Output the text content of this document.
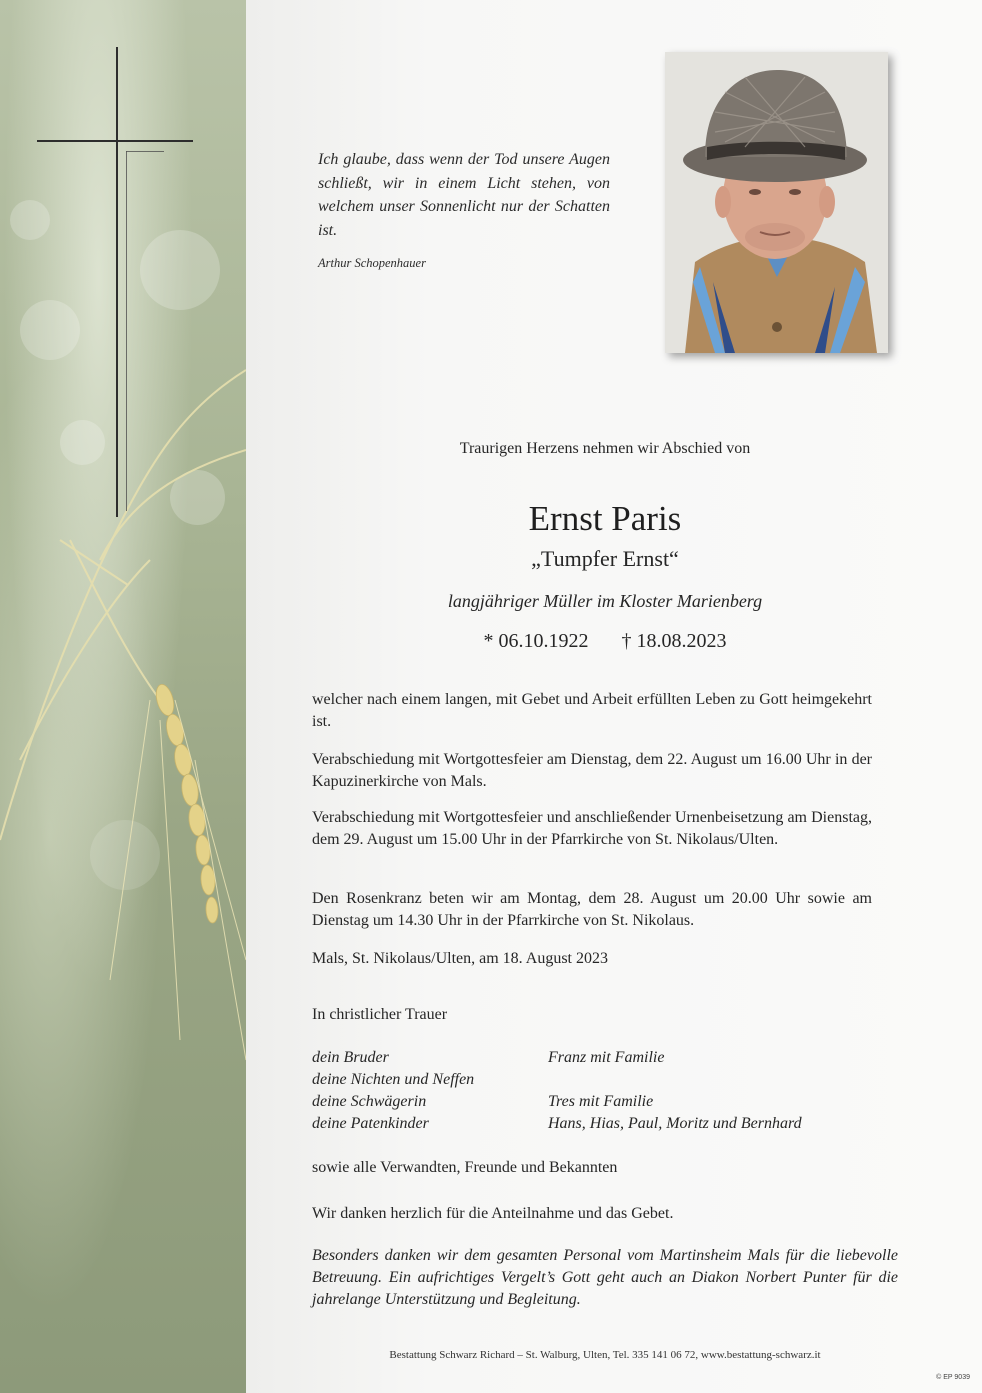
Ich glaube, dass wenn der Tod unsere Augen schließt, wir in einem Licht stehen, von welchem unser Sonnenlicht nur der Schatten ist.
Arthur Schopenhauer
Traurigen Herzens nehmen wir Abschied von
Ernst Paris
„Tumpfer Ernst“
langjähriger Müller im Kloster Marienberg
* 06.10.1922 † 18.08.2023
welcher nach einem langen, mit Gebet und Arbeit erfüllten Leben zu Gott heimgekehrt ist.
Verabschiedung mit Wortgottesfeier am Dienstag, dem 22. August um 16.00 Uhr in der Kapuzinerkirche von Mals.
Verabschiedung mit Wortgottesfeier und anschließender Urnenbeisetzung am Dienstag, dem 29. August um 15.00 Uhr in der Pfarrkirche von St. Nikolaus/Ulten.
Den Rosenkranz beten wir am Montag, dem 28. August um 20.00 Uhr sowie am Dienstag um 14.30 Uhr in der Pfarrkirche von St. Nikolaus.
Mals, St. Nikolaus/Ulten, am 18. August 2023
In christlicher Trauer
dein Bruder	Franz mit Familie
deine Nichten und Neffen
deine Schwägerin	Tres mit Familie
deine Patenkinder	Hans, Hias, Paul, Moritz und Bernhard
sowie alle Verwandten, Freunde und Bekannten
Wir danken herzlich für die Anteilnahme und das Gebet.
Besonders danken wir dem gesamten Personal vom Martinsheim Mals für die liebevolle Betreuung. Ein aufrichtiges Vergelt’s Gott geht auch an Diakon Norbert Punter für die jahrelange Unterstützung und Begleitung.
Bestattung Schwarz Richard – St. Walburg, Ulten, Tel. 335 141 06 72, www.bestattung-schwarz.it
© EP 9039
